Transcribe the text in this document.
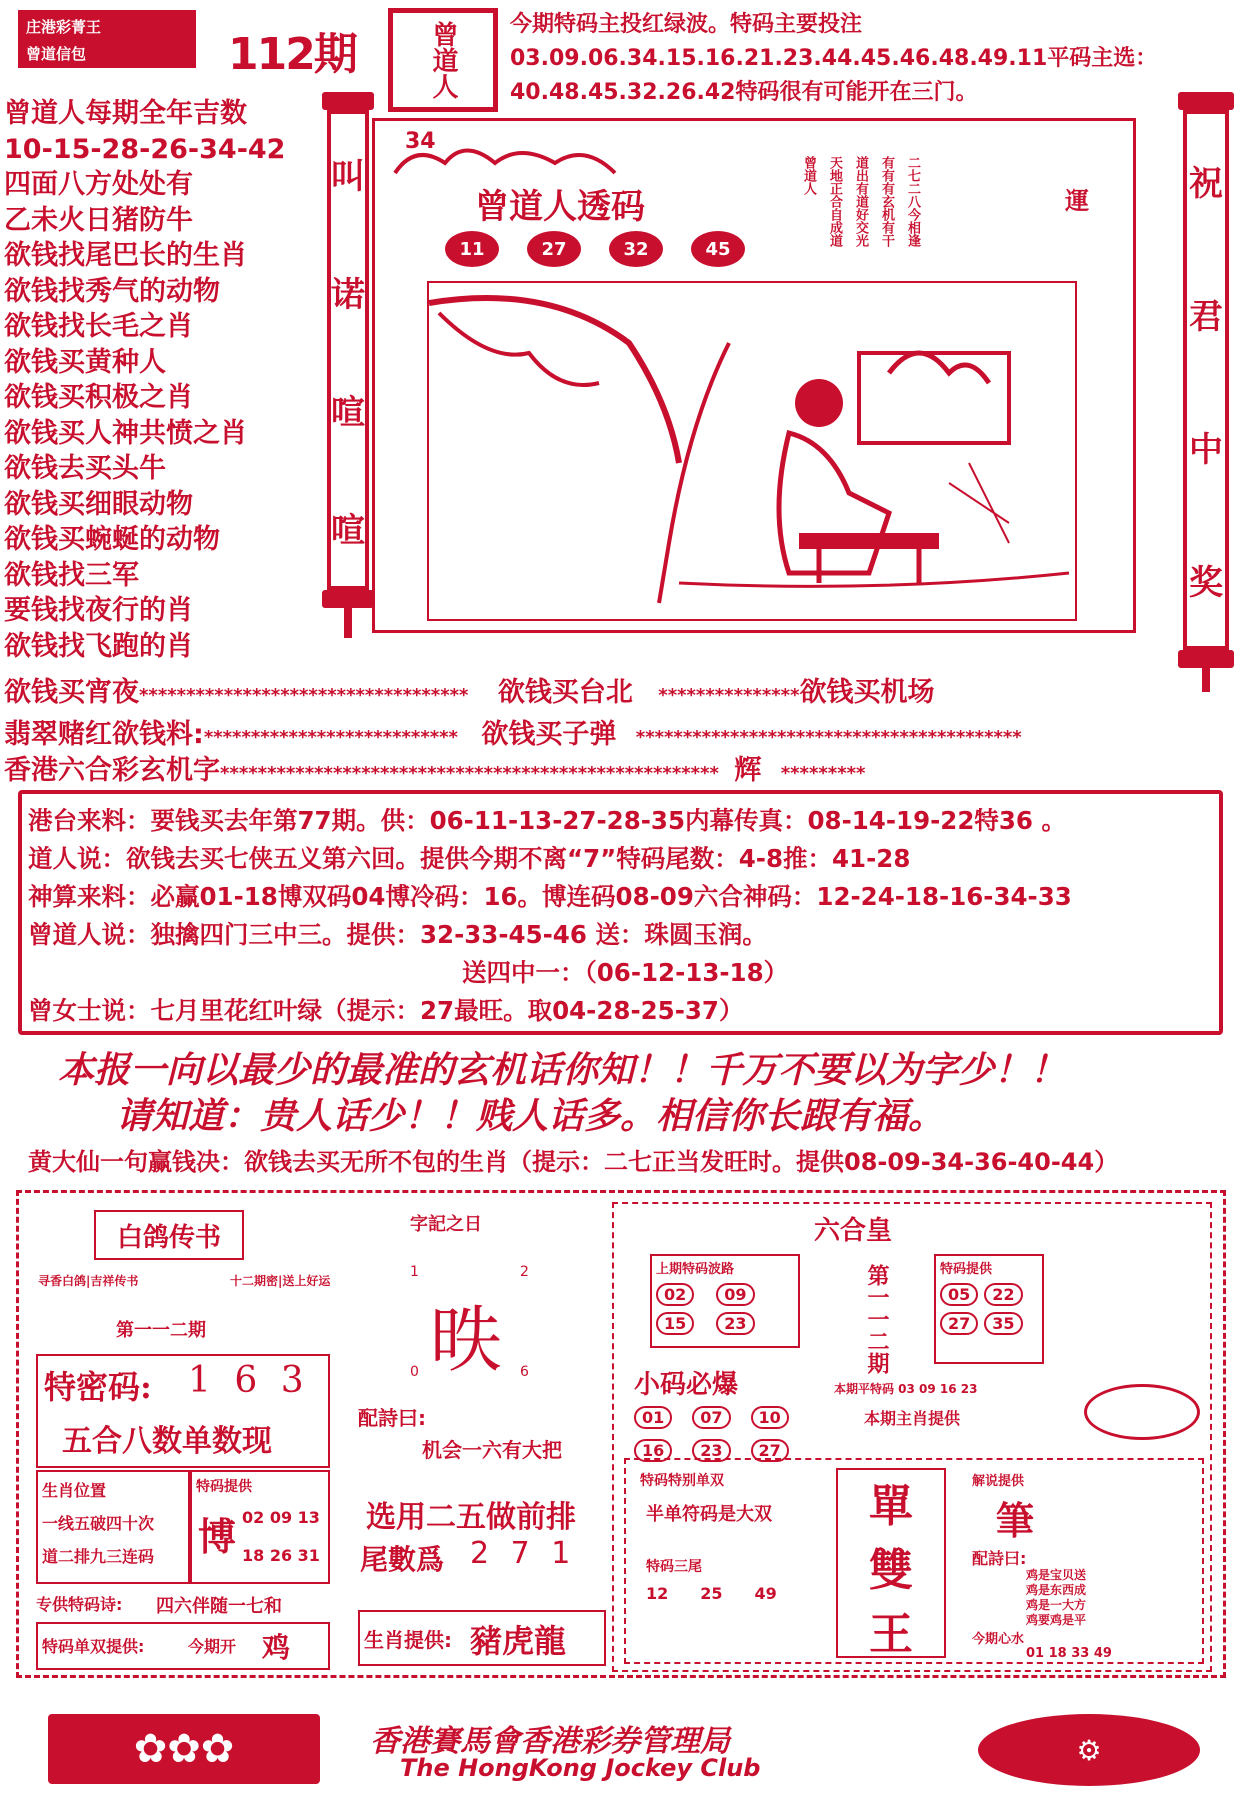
庄港彩菁王
曾道信包	112期	曾道人 今期特码主投红绿波。特码主要投注03.09.06.34.15.16.21.23.44.45.46.48.49.11平码主选：40.48.45.32.26.42特码很有可能开在三门。
曾道人每期全年吉数
10-15-28-26-34-42
四面八方处处有
乙未火日猪防牛
欲钱找尾巴长的生肖
欲钱找秀气的动物
欲钱找长毛之肖
欲钱买黄种人
欲钱买积极之肖
欲钱买人神共愤之肖
欲钱去买头牛
欲钱买细眼动物
欲钱买蜿蜒的动物
欲钱找三军
要钱找夜行的肖
欲钱找飞跑的肖
叫
诺
喧
喧
祝
君
中
奖
34
曾道人透码
11	27	32	45
曾道人 天地正合自成道 道出有道好交光 有有有玄机有干 二七二八今相逢	運
欲钱买宵夜*********************************** 欲钱买台北 ***************欲钱买机场
翡翠赌红欲钱料:*************************** 欲钱买子弹 *****************************************
香港六合彩玄机字***************************************************** 辉 *********
港台来料：要钱买去年第77期。供：06-11-13-27-28-35内幕传真：08-14-19-22特36 。
道人说：欲钱去买七侠五义第六回。提供今期不离“7”特码尾数：4-8推：41-28
神算来料：必赢01-18博双码04博冷码：16。博连码08-09六合神码：12-24-18-16-34-33
曾道人说：独擒四门三中三。提供：32-33-45-46 送：珠圆玉润。
送四中一：（06-12-13-18）
曾女士说：七月里花红叶绿（提示：27最旺。取04-28-25-37）
本报一向以最少的最准的玄机话你知！！千万不要以为字少！！
请知道：贵人话少！！贱人话多。相信你长跟有福。
黄大仙一句赢钱决：欲钱去买无所不包的生肖（提示：二七正当发旺时。提供08-09-34-36-40-44）
白鸽传书
寻香白鸽|吉祥传书	十二期密|送上好运
第一一二期
特密码: 1 6 3
五合八数单数现
生肖位置
一线五破四十次
道二排九三连码
特码提供
博 02 09 13
18 26 31
专供特码诗: 四六伴随一七和
特码单双提供:	今期开 鸡
字記之日
1	2
昳
0	6
配詩曰:
机会一六有大把
选用二五做前排
尾數爲 2 7 1
生肖提供: 豬虎龍
六合皇
上期特码波路
02	09
15	23	第一一二期	特码提供
05	22
27	35
小码必爆
01	07	10
16	23	27
本期平特码 03 09 16 23
本期主肖提供
特码特别单双
半单符码是大双
特码三尾
12 25 49
單
雙
王
解说提供
筆
配詩曰:
鸡是宝贝送
鸡是东西成
鸡是一大方
鸡要鸡是平
今期心水
01 18 33 49
✿✿✿	香港賽馬會香港彩券管理局
The HongKong Jockey Club
⚙
